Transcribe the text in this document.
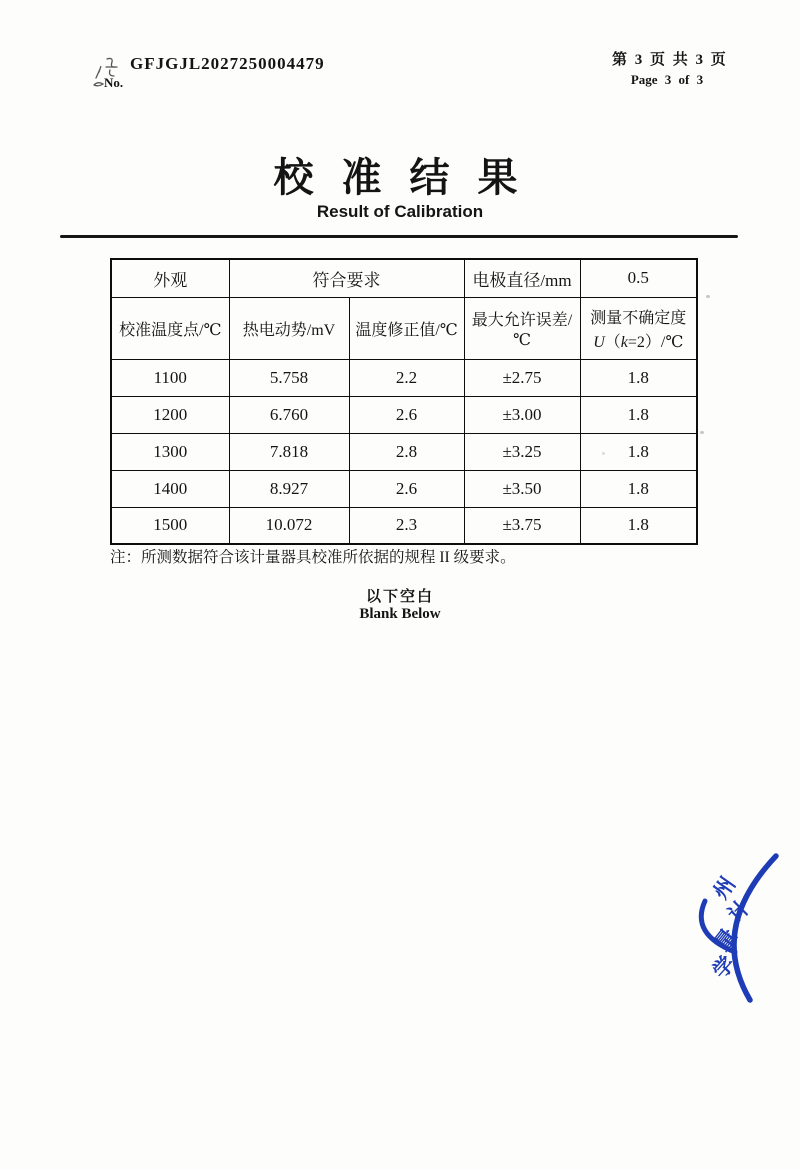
GFJGJL2027250004479
No.
第 3 页 共 3 页
Page 3 of 3
校 准 结 果
Result of Calibration
外观	符合要求		电极直径/mm	0.5
校准温度点/℃	热电动势/mV	温度修正值/℃	最大允许误差/℃	测量不确定度
U（k=2）/℃

1100	5.758	2.2	±2.75	1.8
1200	6.760	2.6	±3.00	1.8
1300	7.818	2.8	±3.25	1.8
1400	8.927	2.6	±3.50	1.8
1500	10.072	2.3	±3.75	1.8
注：所测数据符合该计量器具校准所依据的规程 II 级要求。
以下空白
Blank Below
州
计
量
学
